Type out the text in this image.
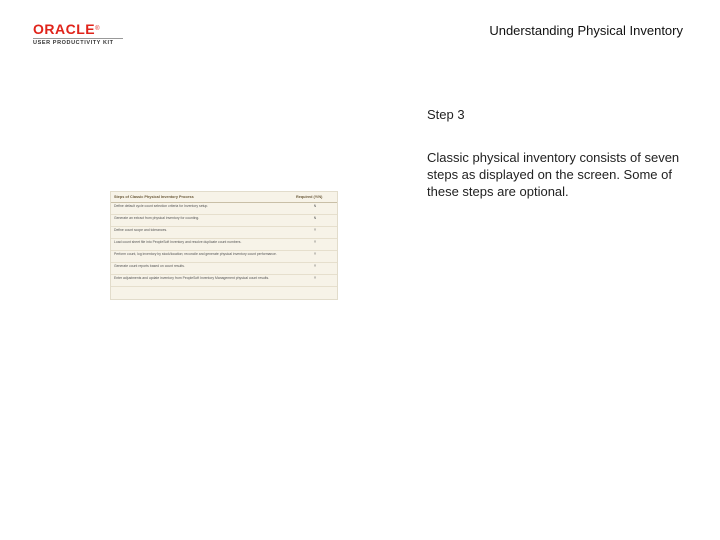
ORACLE®
USER PRODUCTIVITY KIT
Understanding Physical Inventory
Step 3
Classic physical inventory consists of seven steps as displayed on the screen. Some of these steps are optional.
Steps of Classic Physical Inventory Process	Required (Y/N)
Define default cycle count selection criteria for Inventory setup.	N
Generate an extract from physical inventory for counting.	N
Define count scope and tolerances.	Y
Load count sheet file into PeopleSoft Inventory and resolve duplicate count numbers.	Y
Perform count, log inventory by stock/location; reconcile and generate physical inventory count performance.	Y
Generate count reports based on count results.	Y
Enter adjustments and update inventory from PeopleSoft Inventory Management physical count results.	Y
